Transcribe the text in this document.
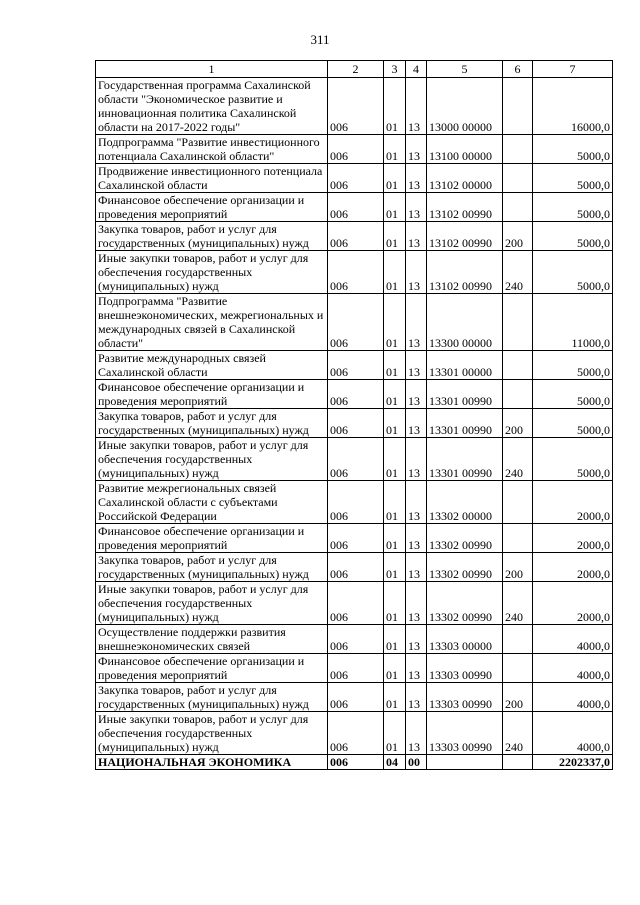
311
1	2	3	4	5	6	7
Государственная программа Сахалинской области "Экономическое развитие и инновационная политика Сахалинской области на 2017-2022 годы"	006	01	13	13000 00000		16000,0
Подпрограмма "Развитие инвестиционного потенциала Сахалинской области"	006	01	13	13100 00000		5000,0
Продвижение инвестиционного потенциала Сахалинской области	006	01	13	13102 00000		5000,0
Финансовое обеспечение организации и проведения мероприятий	006	01	13	13102 00990		5000,0
Закупка товаров, работ и услуг для государственных (муниципальных) нужд	006	01	13	13102 00990	200	5000,0
Иные закупки товаров, работ и услуг для обеспечения государственных (муниципальных) нужд	006	01	13	13102 00990	240	5000,0
Подпрограмма "Развитие внешнеэкономических, межрегиональных и международных связей в Сахалинской области"	006	01	13	13300 00000		11000,0
Развитие международных связей Сахалинской области	006	01	13	13301 00000		5000,0
Финансовое обеспечение организации и проведения мероприятий	006	01	13	13301 00990		5000,0
Закупка товаров, работ и услуг для государственных (муниципальных) нужд	006	01	13	13301 00990	200	5000,0
Иные закупки товаров, работ и услуг для обеспечения государственных (муниципальных) нужд	006	01	13	13301 00990	240	5000,0
Развитие межрегиональных связей Сахалинской области с субъектами Российской Федерации	006	01	13	13302 00000		2000,0
Финансовое обеспечение организации и проведения мероприятий	006	01	13	13302 00990		2000,0
Закупка товаров, работ и услуг для государственных (муниципальных) нужд	006	01	13	13302 00990	200	2000,0
Иные закупки товаров, работ и услуг для обеспечения государственных (муниципальных) нужд	006	01	13	13302 00990	240	2000,0
Осуществление поддержки развития внешнеэкономических связей	006	01	13	13303 00000		4000,0
Финансовое обеспечение организации и проведения мероприятий	006	01	13	13303 00990		4000,0
Закупка товаров, работ и услуг для государственных (муниципальных) нужд	006	01	13	13303 00990	200	4000,0
Иные закупки товаров, работ и услуг для обеспечения государственных (муниципальных) нужд	006	01	13	13303 00990	240	4000,0
НАЦИОНАЛЬНАЯ ЭКОНОМИКА	006	04	00			2202337,0
